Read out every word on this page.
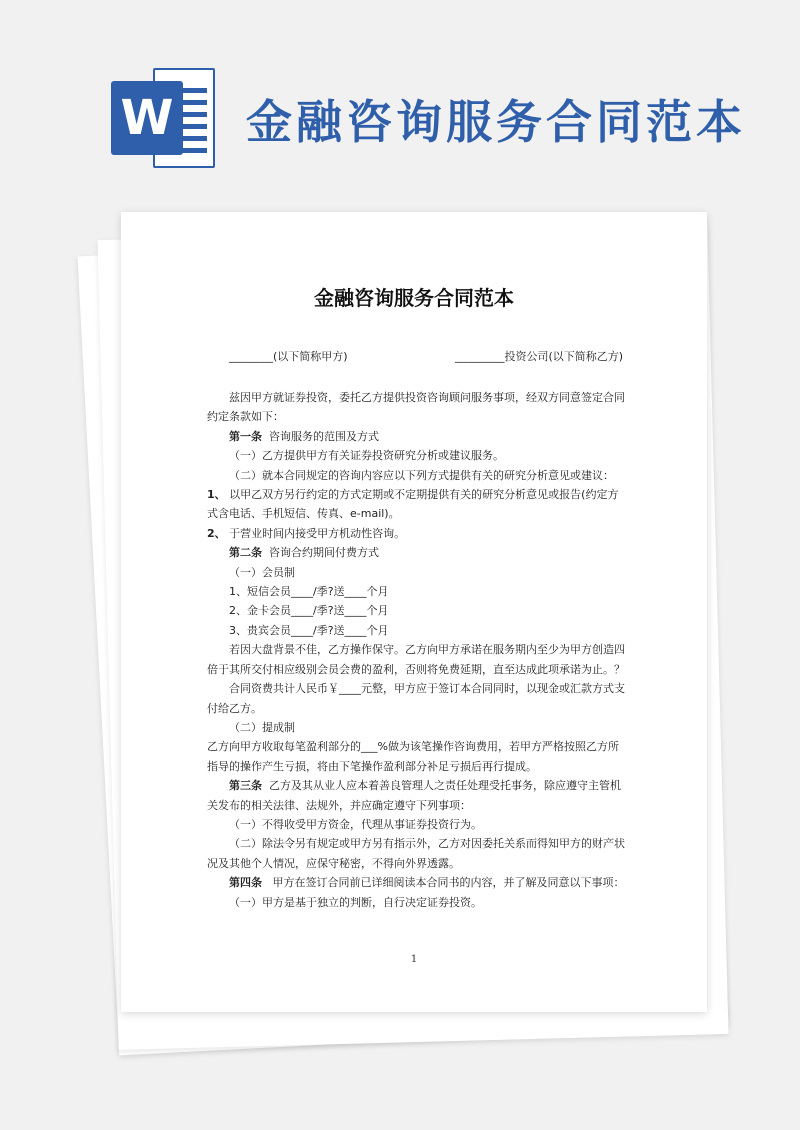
W 金融咨询服务合同范本
金融咨询服务合同范本
________(以下简称甲方)	_________投资公司(以下简称乙方)

兹因甲方就证券投资，委托乙方提供投资咨询顾问服务事项，经双方同意签定合同约定条款如下：

第一条 咨询服务的范围及方式

（一）乙方提供甲方有关证券投资研究分析或建议服务。

（二）就本合同规定的咨询内容应以下列方式提供有关的研究分析意见或建议：

1、 以甲乙双方另行约定的方式定期或不定期提供有关的研究分析意见或报告(约定方式含电话、手机短信、传真、e-mail)。

2、 于营业时间内接受甲方机动性咨询。

第二条 咨询合约期间付费方式

（一）会员制

1、短信会员____/季?送____个月

2、金卡会员____/季?送____个月

3、贵宾会员____/季?送____个月

若因大盘背景不佳，乙方操作保守。乙方向甲方承诺在服务期内至少为甲方创造四倍于其所交付相应级别会员会费的盈利，否则将免费延期，直至达成此项承诺为止。？

合同资费共计人民币￥____元整，甲方应于签订本合同同时，以现金或汇款方式支付给乙方。

（二）提成制

乙方向甲方收取每笔盈利部分的___%做为该笔操作咨询费用，若甲方严格按照乙方所指导的操作产生亏损，将由下笔操作盈利部分补足亏损后再行提成。

第三条 乙方及其从业人应本着善良管理人之责任处理受托事务，除应遵守主管机关发布的相关法律、法规外，并应确定遵守下列事项：

（一）不得收受甲方资金，代理从事证券投资行为。

（二）除法令另有规定或甲方另有指示外，乙方对因委托关系而得知甲方的财产状况及其他个人情况，应保守秘密，不得向外界透露。

第四条 甲方在签订合同前已详细阅读本合同书的内容，并了解及同意以下事项：

（一）甲方是基于独立的判断，自行决定证券投资。

1
